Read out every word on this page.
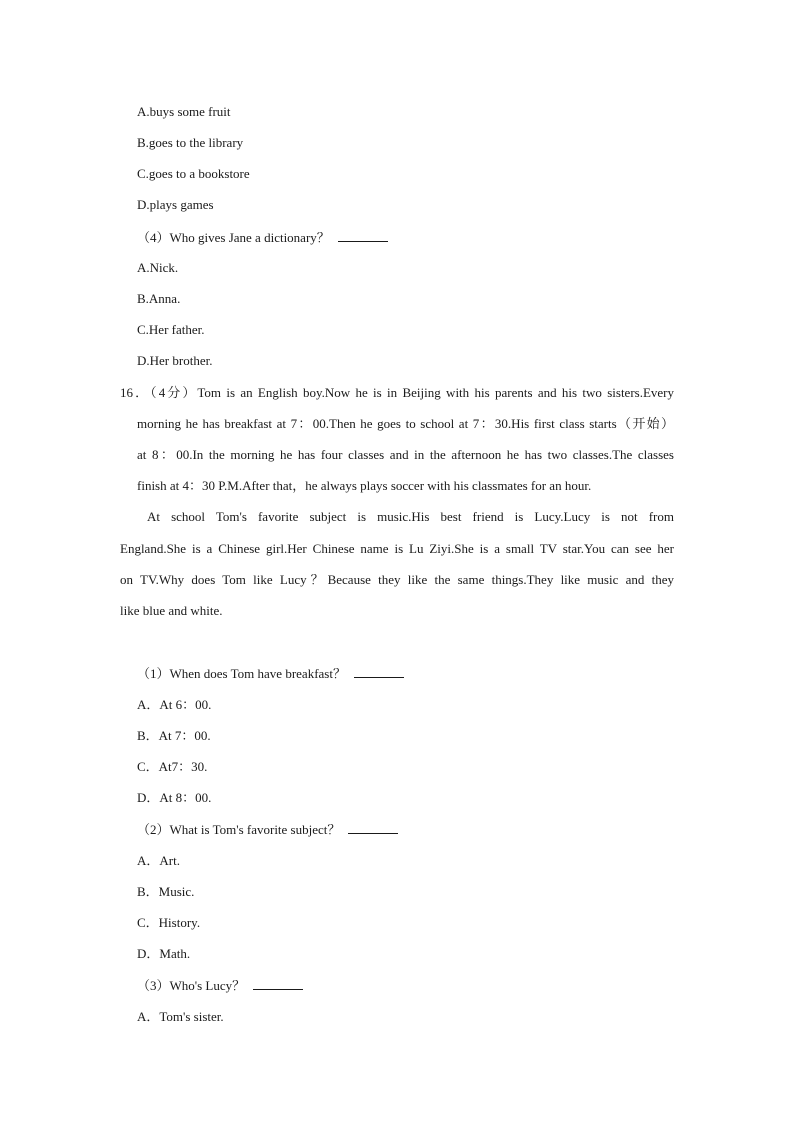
A.buys some fruit
B.goes to the library
C.goes to a bookstore
D.plays games
（4）Who gives Jane a dictionary？
A.Nick.
B.Anna.
C.Her father.
D.Her brother.
16．（4分）Tom is an English boy.Now he is in Beijing with his parents and his two sisters.Every
morning he has breakfast at 7：00.Then he goes to school at 7：30.His first class starts（开始）
at 8：00.In the morning he has four classes and in the afternoon he has two classes.The classes
finish at 4：30 P.M.After that，he always plays soccer with his classmates for an hour.
At school Tom's favorite subject is music.His best friend is Lucy.Lucy is not from
England.She is a Chinese girl.Her Chinese name is Lu Ziyi.She is a small TV star.You can see her
on TV.Why does Tom like Lucy？Because they like the same things.They like music and they
like blue and white.
（1）When does Tom have breakfast？
A．At 6：00.
B．At 7：00.
C．At7：30.
D．At 8：00.
（2）What is Tom's favorite subject？
A．Art.
B．Music.
C．History.
D．Math.
（3）Who's Lucy？
A．Tom's sister.
